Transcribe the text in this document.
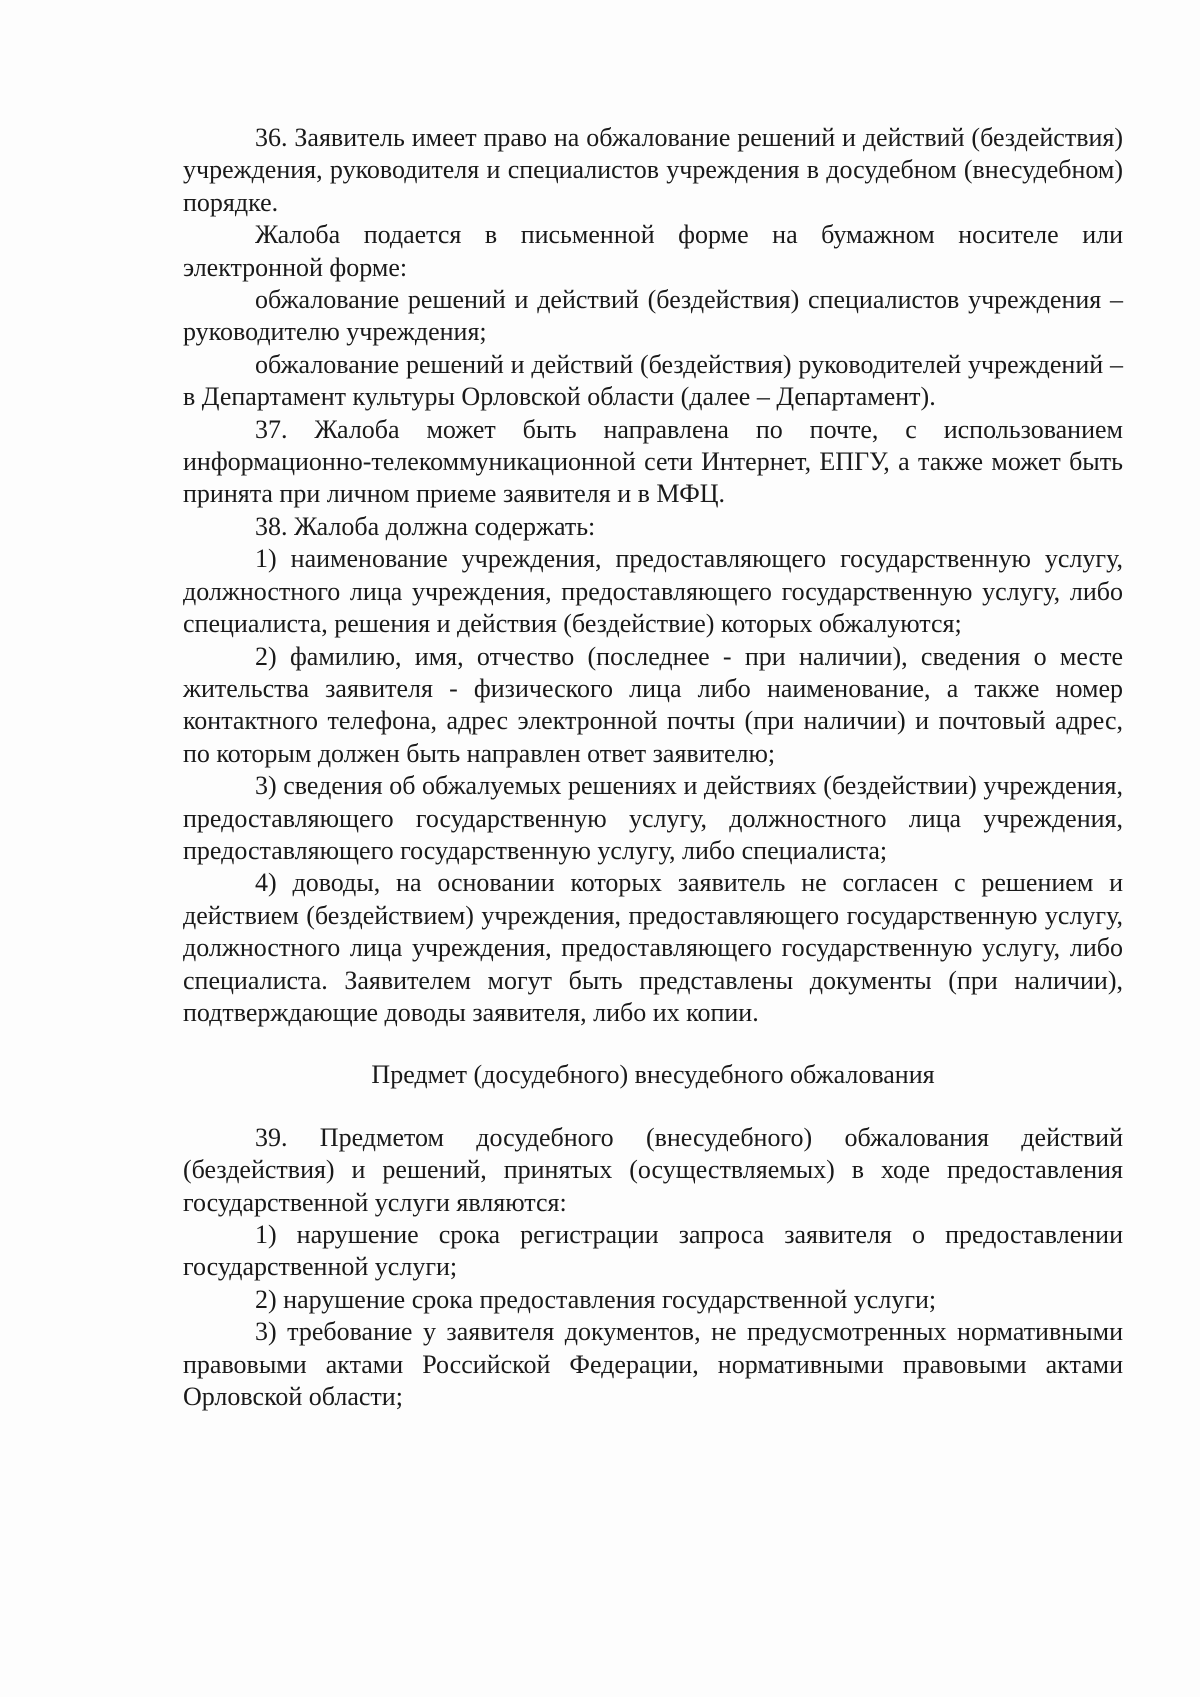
36. Заявитель имеет право на обжалование решений и действий (бездействия) учреждения, руководителя и специалистов учреждения в досудебном (внесудебном) порядке.

Жалоба подается в письменной форме на бумажном носителе или электронной форме:

обжалование решений и действий (бездействия) специалистов учреждения – руководителю учреждения;

обжалование решений и действий (бездействия) руководителей учреждений – в Департамент культуры Орловской области (далее – Департамент).

37. Жалоба может быть направлена по почте, с использованием информационно-телекоммуникационной сети Интернет, ЕПГУ, а также может быть принята при личном приеме заявителя и в МФЦ.

38. Жалоба должна содержать:

1) наименование учреждения, предоставляющего государственную услугу, должностного лица учреждения, предоставляющего государственную услугу, либо специалиста, решения и действия (бездействие) которых обжалуются;

2) фамилию, имя, отчество (последнее - при наличии), сведения о месте жительства заявителя - физического лица либо наименование, а также номер контактного телефона, адрес электронной почты (при наличии) и почтовый адрес, по которым должен быть направлен ответ заявителю;

3) сведения об обжалуемых решениях и действиях (бездействии) учреждения, предоставляющего государственную услугу, должностного лица учреждения, предоставляющего государственную услугу, либо специалиста;

4) доводы, на основании которых заявитель не согласен с решением и действием (бездействием) учреждения, предоставляющего государственную услугу, должностного лица учреждения, предоставляющего государственную услугу, либо специалиста. Заявителем могут быть представлены документы (при наличии), подтверждающие доводы заявителя, либо их копии.

Предмет (досудебного) внесудебного обжалования

39. Предметом досудебного (внесудебного) обжалования действий (бездействия) и решений, принятых (осуществляемых) в ходе предоставления государственной услуги являются:

1) нарушение срока регистрации запроса заявителя о предоставлении государственной услуги;

2) нарушение срока предоставления государственной услуги;

3) требование у заявителя документов, не предусмотренных нормативными правовыми актами Российской Федерации, нормативными правовыми актами Орловской области;
